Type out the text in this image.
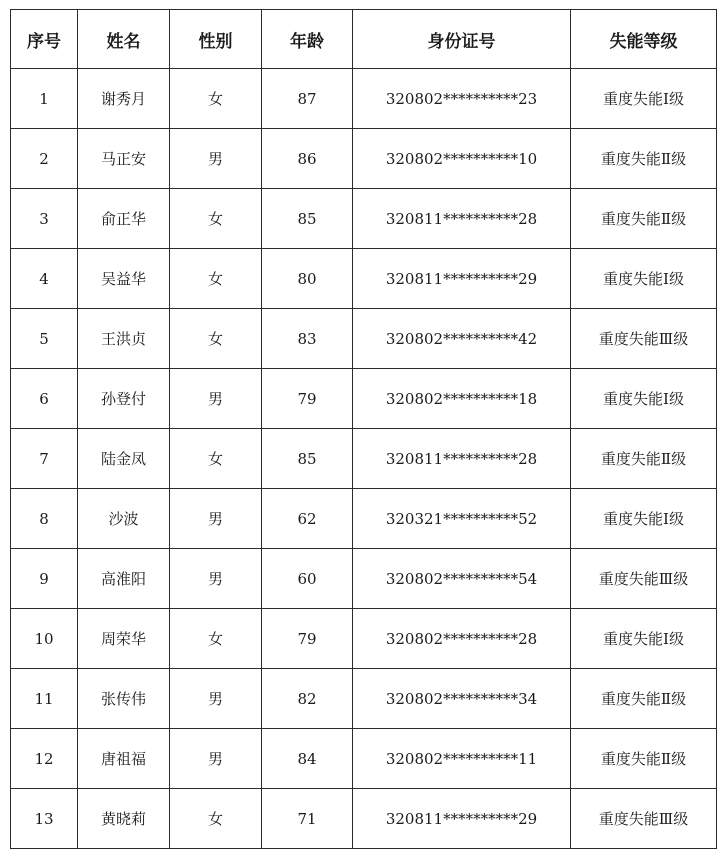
序号	姓名	性别	年龄	身份证号	失能等级
1	谢秀月	女	87	320802**********23	重度失能Ⅰ级
2	马正安	男	86	320802**********10	重度失能Ⅱ级
3	俞正华	女	85	320811**********28	重度失能Ⅱ级
4	吴益华	女	80	320811**********29	重度失能Ⅰ级
5	王洪贞	女	83	320802**********42	重度失能Ⅲ级
6	孙登付	男	79	320802**********18	重度失能Ⅰ级
7	陆金凤	女	85	320811**********28	重度失能Ⅱ级
8	沙波	男	62	320321**********52	重度失能Ⅰ级
9	高淮阳	男	60	320802**********54	重度失能Ⅲ级
10	周荣华	女	79	320802**********28	重度失能Ⅰ级
11	张传伟	男	82	320802**********34	重度失能Ⅱ级
12	唐祖福	男	84	320802**********11	重度失能Ⅱ级
13	黄晓莉	女	71	320811**********29	重度失能Ⅲ级
